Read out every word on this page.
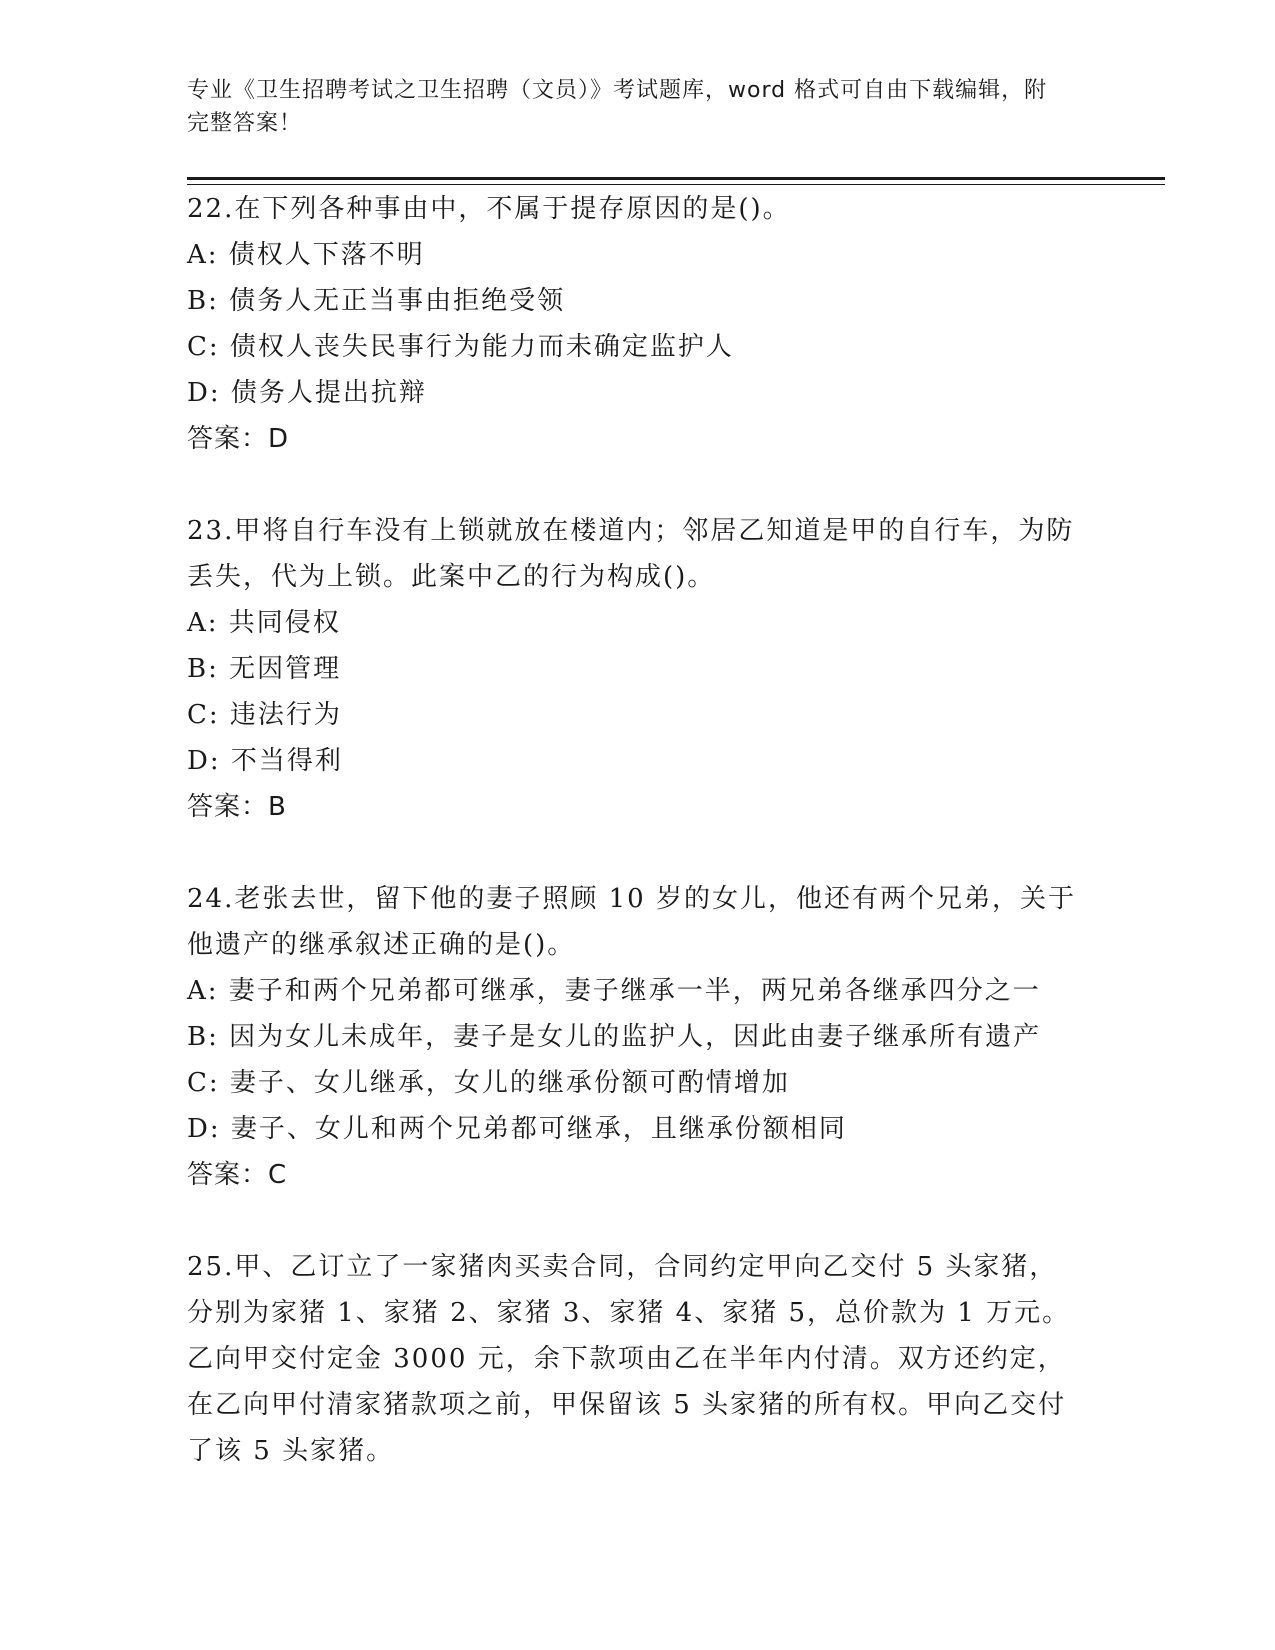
专业《卫生招聘考试之卫生招聘（文员）》考试题库，word 格式可自由下载编辑，附完整答案！

22.在下列各种事由中，不属于提存原因的是()。

A: 债权人下落不明

B: 债务人无正当事由拒绝受领

C: 债权人丧失民事行为能力而未确定监护人

D: 债务人提出抗辩

答案：D

23.甲将自行车没有上锁就放在楼道内；邻居乙知道是甲的自行车，为防丢失，代为上锁。此案中乙的行为构成()。

A: 共同侵权

B: 无因管理

C: 违法行为

D: 不当得利

答案：B

24.老张去世，留下他的妻子照顾 10 岁的女儿，他还有两个兄弟，关于他遗产的继承叙述正确的是()。

A: 妻子和两个兄弟都可继承，妻子继承一半，两兄弟各继承四分之一

B: 因为女儿未成年，妻子是女儿的监护人，因此由妻子继承所有遗产

C: 妻子、女儿继承，女儿的继承份额可酌情增加

D: 妻子、女儿和两个兄弟都可继承，且继承份额相同

答案：C

25.甲、乙订立了一家猪肉买卖合同，合同约定甲向乙交付 5 头家猪，分别为家猪 1、家猪 2、家猪 3、家猪 4、家猪 5，总价款为 1 万元。乙向甲交付定金 3000 元，余下款项由乙在半年内付清。双方还约定，在乙向甲付清家猪款项之前，甲保留该 5 头家猪的所有权。甲向乙交付了该 5 头家猪。
